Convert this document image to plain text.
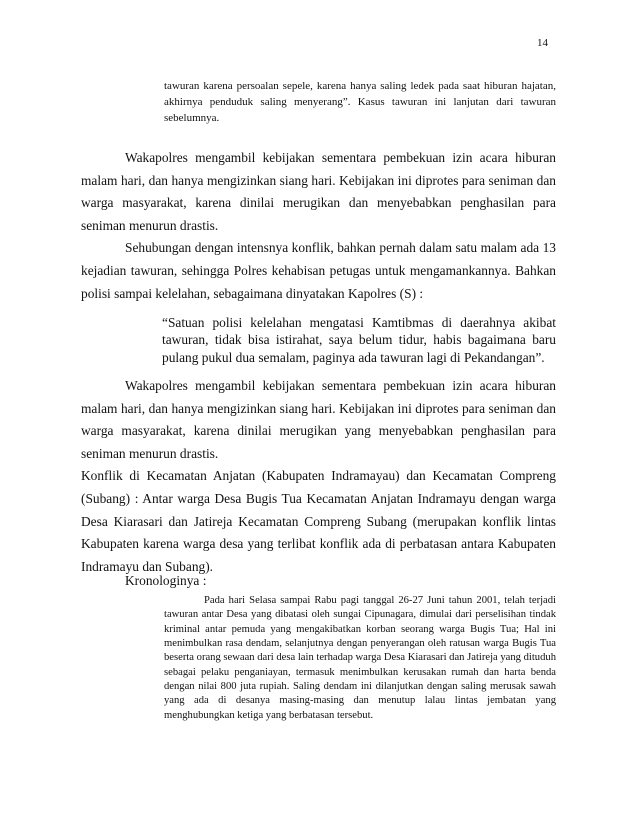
14
tawuran karena persoalan sepele, karena hanya saling ledek pada saat hiburan hajatan, akhirnya penduduk saling menyerang”. Kasus tawuran ini lanjutan dari tawuran sebelumnya.

Wakapolres mengambil kebijakan sementara pembekuan izin acara hiburan malam hari, dan hanya mengizinkan siang hari. Kebijakan ini diprotes para seniman dan warga masyarakat, karena dinilai merugikan dan menyebabkan penghasilan para seniman menurun drastis.

Sehubungan dengan intensnya konflik, bahkan pernah dalam satu malam ada 13 kejadian tawuran, sehingga Polres kehabisan petugas untuk mengamankannya. Bahkan polisi sampai kelelahan, sebagaimana dinyatakan Kapolres (S) :

“Satuan polisi kelelahan mengatasi Kamtibmas di daerahnya akibat tawuran, tidak bisa istirahat, saya belum tidur, habis bagaimana baru pulang pukul dua semalam, paginya ada tawuran lagi di Pekandangan”.

Wakapolres mengambil kebijakan sementara pembekuan izin acara hiburan malam hari, dan hanya mengizinkan siang hari. Kebijakan ini diprotes para seniman dan warga masyarakat, karena dinilai merugikan yang menyebabkan penghasilan para seniman menurun drastis.

Konflik di Kecamatan Anjatan (Kabupaten Indramayau) dan Kecamatan Compreng (Subang) : Antar warga Desa Bugis Tua Kecamatan Anjatan Indramayu dengan warga Desa Kiarasari dan Jatireja Kecamatan Compreng Subang (merupakan konflik lintas Kabupaten karena warga desa yang terlibat konflik ada di perbatasan antara Kabupaten Indramayu dan Subang).

Kronologinya :

Pada hari Selasa sampai Rabu pagi tanggal 26-27 Juni tahun 2001, telah terjadi tawuran antar Desa yang dibatasi oleh sungai Cipunagara, dimulai dari perselisihan tindak kriminal antar pemuda yang mengakibatkan korban seorang warga Bugis Tua; Hal ini menimbulkan rasa dendam, selanjutnya dengan penyerangan oleh ratusan warga Bugis Tua beserta orang sewaan dari desa lain terhadap warga Desa Kiarasari dan Jatireja yang dituduh sebagai pelaku penganiayan, termasuk menimbulkan kerusakan rumah dan harta benda dengan nilai 800 juta rupiah. Saling dendam ini dilanjutkan dengan saling merusak sawah yang ada di desanya masing-masing dan menutup lalau lintas jembatan yang menghubungkan ketiga yang berbatasan tersebut.
